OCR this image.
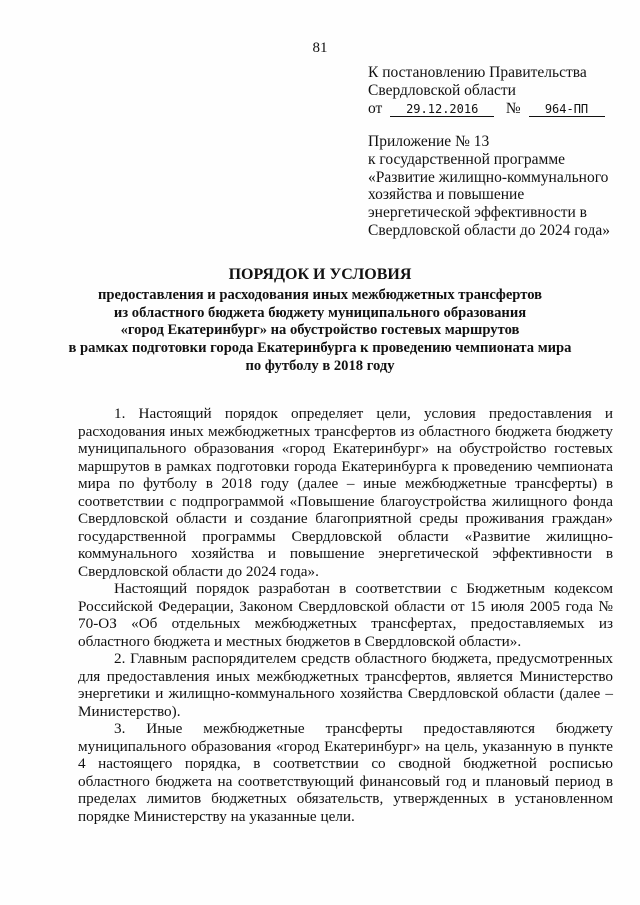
81
К постановлению Правительства
Свердловской области
от 29.12.2016 № 964-ПП
Приложение № 13
к государственной программе
«Развитие жилищно-коммунального
хозяйства и повышение
энергетической эффективности в
Свердловской области до 2024 года»
ПОРЯДОК И УСЛОВИЯ
предоставления и расходования иных межбюджетных трансфертов
из областного бюджета бюджету муниципального образования
«город Екатеринбург» на обустройство гостевых маршрутов
в рамках подготовки города Екатеринбурга к проведению чемпионата мира
по футболу в 2018 году

1. Настоящий порядок определяет цели, условия предоставления и расходования иных межбюджетных трансфертов из областного бюджета бюджету муниципального образования «город Екатеринбург» на обустройство гостевых маршрутов в рамках подготовки города Екатеринбурга к проведению чемпионата мира по футболу в 2018 году (далее – иные межбюджетные трансферты) в соответствии с подпрограммой «Повышение благоустройства жилищного фонда Свердловской области и создание благоприятной среды проживания граждан» государственной программы Свердловской области «Развитие жилищно-коммунального хозяйства и повышение энергетической эффективности в Свердловской области до 2024 года».

Настоящий порядок разработан в соответствии с Бюджетным кодексом Российской Федерации, Законом Свердловской области от 15 июля 2005 года № 70-ОЗ «Об отдельных межбюджетных трансфертах, предоставляемых из областного бюджета и местных бюджетов в Свердловской области».

2. Главным распорядителем средств областного бюджета, предусмотренных для предоставления иных межбюджетных трансфертов, является Министерство энергетики и жилищно-коммунального хозяйства Свердловской области (далее – Министерство).

3. Иные межбюджетные трансферты предоставляются бюджету муниципального образования «город Екатеринбург» на цель, указанную в пункте 4 настоящего порядка, в соответствии со сводной бюджетной росписью областного бюджета на соответствующий финансовый год и плановый период в пределах лимитов бюджетных обязательств, утвержденных в установленном порядке Министерству на указанные цели.
